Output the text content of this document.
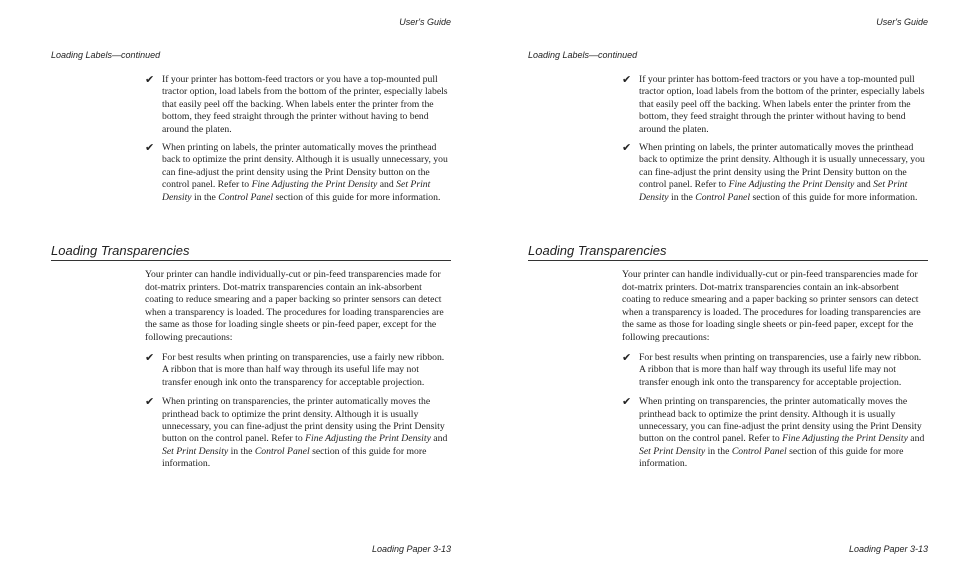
User's Guide
Loading Labels—continued
✔ If your printer has bottom-feed tractors or you have a top-mounted pull tractor option, load labels from the bottom of the printer, especially labels that easily peel off the backing. When labels enter the printer from the bottom, they feed straight through the printer without having to bend around the platen.
✔ When printing on labels, the printer automatically moves the printhead back to optimize the print density. Although it is usually unnecessary, you can fine-adjust the print density using the Print Density button on the control panel. Refer to Fine Adjusting the Print Density and Set Print Density in the Control Panel section of this guide for more information.
Loading Transparencies

Your printer can handle individually-cut or pin-feed transparencies made for dot-matrix printers. Dot-matrix transparencies contain an ink-absorbent coating to reduce smearing and a paper backing so printer sensors can detect when a transparency is loaded. The procedures for loading transparencies are the same as those for loading single sheets or pin-feed paper, except for the following precautions:

✔ For best results when printing on transparencies, use a fairly new ribbon. A ribbon that is more than half way through its useful life may not transfer enough ink onto the transparency for acceptable projection.
✔ When printing on transparencies, the printer automatically moves the printhead back to optimize the print density. Although it is usually unnecessary, you can fine-adjust the print density using the Print Density button on the control panel. Refer to Fine Adjusting the Print Density and Set Print Density in the Control Panel section of this guide for more information.
Loading Paper 3-13
User's Guide
Loading Labels—continued
✔ If your printer has bottom-feed tractors or you have a top-mounted pull tractor option, load labels from the bottom of the printer, especially labels that easily peel off the backing. When labels enter the printer from the bottom, they feed straight through the printer without having to bend around the platen.
✔ When printing on labels, the printer automatically moves the printhead back to optimize the print density. Although it is usually unnecessary, you can fine-adjust the print density using the Print Density button on the control panel. Refer to Fine Adjusting the Print Density and Set Print Density in the Control Panel section of this guide for more information.
Loading Transparencies

Your printer can handle individually-cut or pin-feed transparencies made for dot-matrix printers. Dot-matrix transparencies contain an ink-absorbent coating to reduce smearing and a paper backing so printer sensors can detect when a transparency is loaded. The procedures for loading transparencies are the same as those for loading single sheets or pin-feed paper, except for the following precautions:

✔ For best results when printing on transparencies, use a fairly new ribbon. A ribbon that is more than half way through its useful life may not transfer enough ink onto the transparency for acceptable projection.
✔ When printing on transparencies, the printer automatically moves the printhead back to optimize the print density. Although it is usually unnecessary, you can fine-adjust the print density using the Print Density button on the control panel. Refer to Fine Adjusting the Print Density and Set Print Density in the Control Panel section of this guide for more information.
Loading Paper 3-13
